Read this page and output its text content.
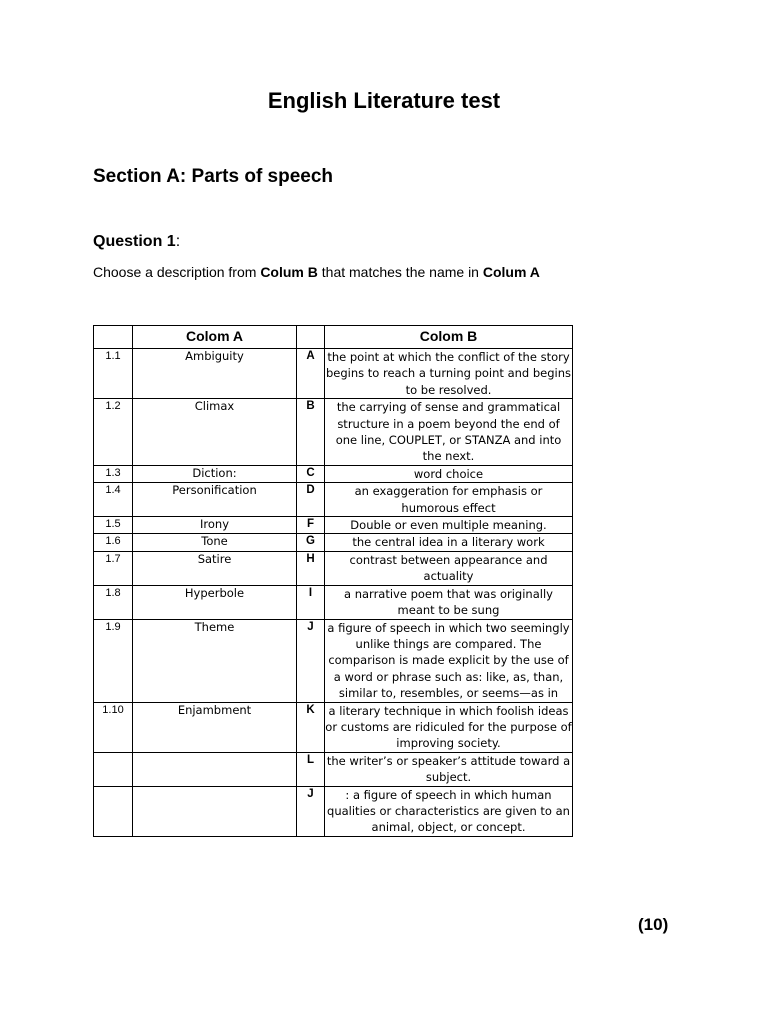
English Literature test
Section A: Parts of speech

Question 1:

Choose a description from Colum B that matches the name in Colum A

	Colom A		Colom B
1.1	Ambiguity	A	the point at which the conflict of the story begins to reach a turning point and begins to be resolved.
1.2	Climax	B	the carrying of sense and grammatical structure in a poem beyond the end of one line, COUPLET, or STANZA and into the next.
1.3	Diction:	C	word choice
1.4	Personification	D	an exaggeration for emphasis or humorous effect
1.5	Irony	F	Double or even multiple meaning.
1.6	Tone	G	the central idea in a literary work
1.7	Satire	H	contrast between appearance and actuality
1.8	Hyperbole	I	a narrative poem that was originally meant to be sung
1.9	Theme	J	a figure of speech in which two seemingly unlike things are compared. The comparison is made explicit by the use of a word or phrase such as: like, as, than, similar to, resembles, or seems—as in
1.10	Enjambment	K	a literary technique in which foolish ideas or customs are ridiculed for the purpose of improving society.
		L	the writer’s or speaker’s attitude toward a subject.
		J	: a figure of speech in which human qualities or characteristics are given to an animal, object, or concept.

(10)
